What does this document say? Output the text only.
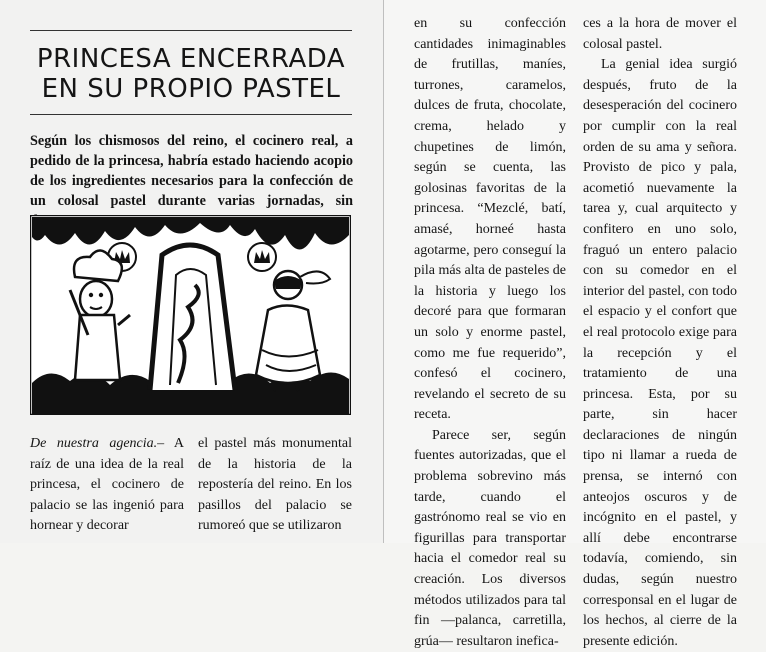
PRINCESA ENCERRADA
EN SU PROPIO PASTEL

Según los chismosos del reino, el cocinero real, a pedido de la princesa, habría estado haciendo acopio de los ingredientes necesarios para la confección de un colosal pastel durante varias jornadas, sin

De nuestra agencia.– A raíz de una idea de la real princesa, el cocinero de palacio se las ingenió para hornear y decorar

el pastel más monumental de la historia de la repostería del reino. En los pasillos del palacio se rumoreó que se utilizaron

en su confección cantidades inimaginables de frutillas, maníes, turrones, caramelos, dulces de fruta, chocolate, crema, helado y chupetines de limón, según se cuenta, las golosinas favoritas de la princesa. “Mezclé, batí, amasé, horneé hasta agotarme, pero conseguí la pila más alta de pasteles de la historia y luego los decoré para que formaran un solo y enorme pastel, como me fue requerido”, confesó el cocinero, revelando el secreto de su receta.

Parece ser, según fuentes autorizadas, que el problema sobrevino más tarde, cuando el gastrónomo real se vio en figurillas para transportar hacia el comedor real su creación. Los diversos métodos utilizados para tal fin —palanca, carretilla, grúa— resultaron inefica-

ces a la hora de mover el colosal pastel.

La genial idea surgió después, fruto de la desesperación del cocinero por cumplir con la real orden de su ama y señora. Provisto de pico y pala, acometió nuevamente la tarea y, cual arquitecto y confitero en uno solo, fraguó un entero palacio con su comedor en el interior del pastel, con todo el espacio y el confort que el real protocolo exige para la recepción y el tratamiento de una princesa. Esta, por su parte, sin hacer declaraciones de ningún tipo ni llamar a rueda de prensa, se internó con anteojos oscuros y de incógnito en el pastel, y allí debe encontrarse todavía, comiendo, sin dudas, según nuestro corresponsal en el lugar de los hechos, al cierre de la presente edición.
